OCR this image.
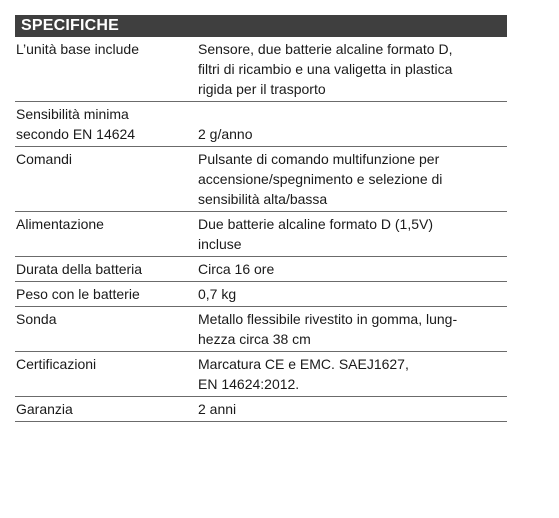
SPECIFICHE
L’unità base include	Sensore, due batterie alcaline formato D,
filtri di ricambio e una valigetta in plastica
rigida per il trasporto
Sensibilità minima
secondo EN 14624	2 g/anno
Comandi	Pulsante di comando multifunzione per
accensione/spegnimento e selezione di
sensibilità alta/bassa
Alimentazione	Due batterie alcaline formato D (1,5V)
incluse
Durata della batteria	Circa 16 ore
Peso con le batterie	0,7 kg
Sonda	Metallo flessibile rivestito in gomma, lung-
hezza circa 38 cm
Certificazioni	Marcatura CE e EMC. SAEJ1627,
EN 14624:2012.
Garanzia	2 anni
